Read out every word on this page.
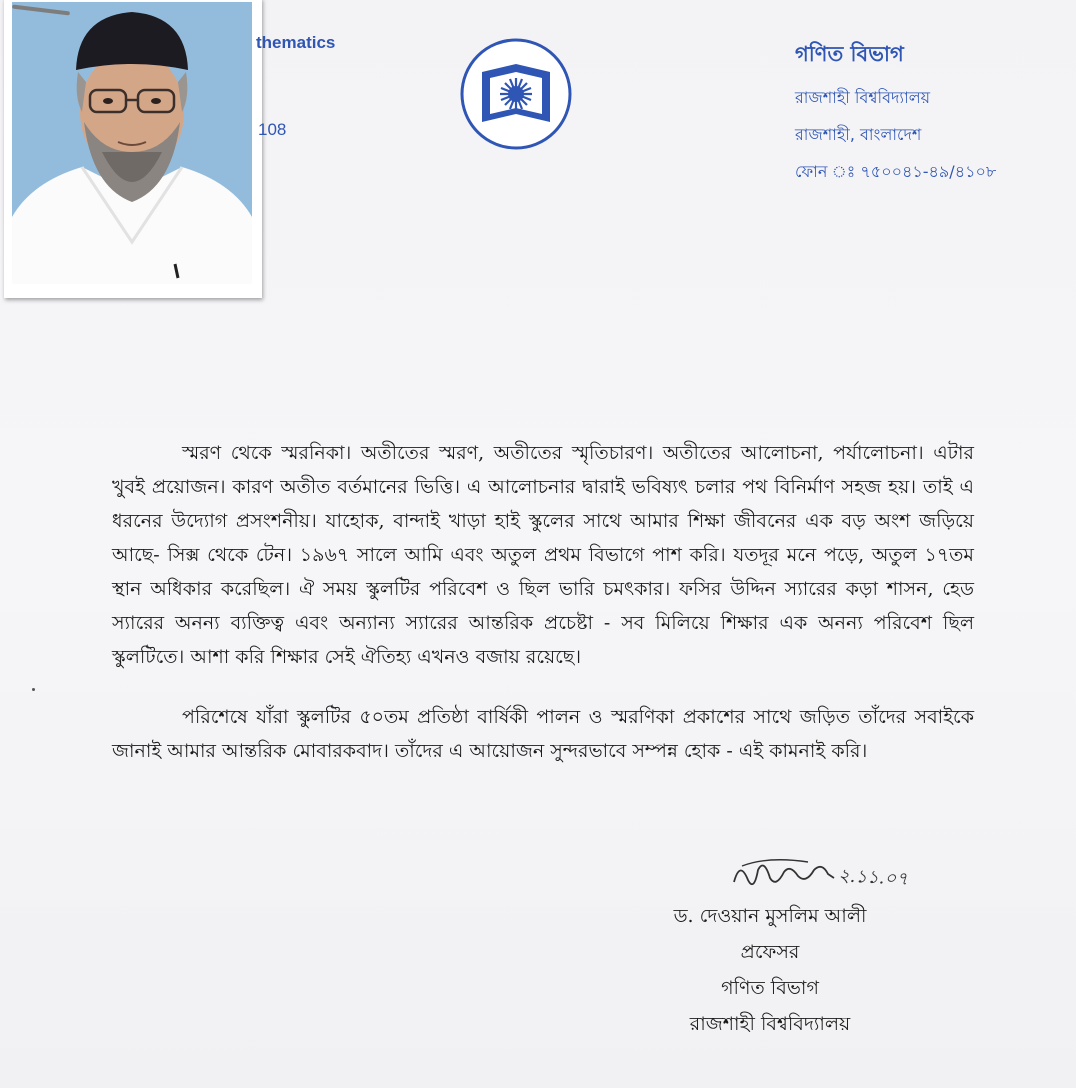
thematics
108
গণিত বিভাগ
রাজশাহী বিশ্ববিদ্যালয়
রাজশাহী, বাংলাদেশ
ফোন ঃ ৭৫০০৪১-৪৯/৪১০৮

স্মরণ থেকে স্মরনিকা। অতীতের স্মরণ, অতীতের স্মৃতিচারণ। অতীতের আলোচনা, পর্যালোচনা। এটার খুবই প্রয়োজন। কারণ অতীত বর্তমানের ভিত্তি। এ আলোচনার দ্বারাই ভবিষ্যৎ চলার পথ বিনির্মাণ সহজ হয়। তাই এ ধরনের উদ্যোগ প্রসংশনীয়। যাহোক, বান্দাই খাড়া হাই স্কুলের সাথে আমার শিক্ষা জীবনের এক বড় অংশ জড়িয়ে আছে- সিক্স থেকে টেন। ১৯৬৭ সালে আমি এবং অতুল প্রথম বিভাগে পাশ করি। যতদূর মনে পড়ে, অতুল ১৭তম স্থান অধিকার করেছিল। ঐ সময় স্কুলটির পরিবেশ ও ছিল ভারি চমৎকার। ফসির উদ্দিন স্যারের কড়া শাসন, হেড স্যারের অনন্য ব্যক্তিত্ব এবং অন্যান্য স্যারের আন্তরিক প্রচেষ্টা - সব মিলিয়ে শিক্ষার এক অনন্য পরিবেশ ছিল স্কুলটিতে। আশা করি শিক্ষার সেই ঐতিহ্য এখনও বজায় রয়েছে।

পরিশেষে যাঁরা স্কুলটির ৫০তম প্রতিষ্ঠা বার্ষিকী পালন ও স্মরণিকা প্রকাশের সাথে জড়িত তাঁদের সবাইকে জানাই আমার আন্তরিক মোবারকবাদ। তাঁদের এ আয়োজন সুন্দরভাবে সম্পন্ন হোক - এই কামনাই করি।

২.১১.০৭
ড. দেওয়ান মুসলিম আলী
প্রফেসর
গণিত বিভাগ
রাজশাহী বিশ্ববিদ্যালয়
